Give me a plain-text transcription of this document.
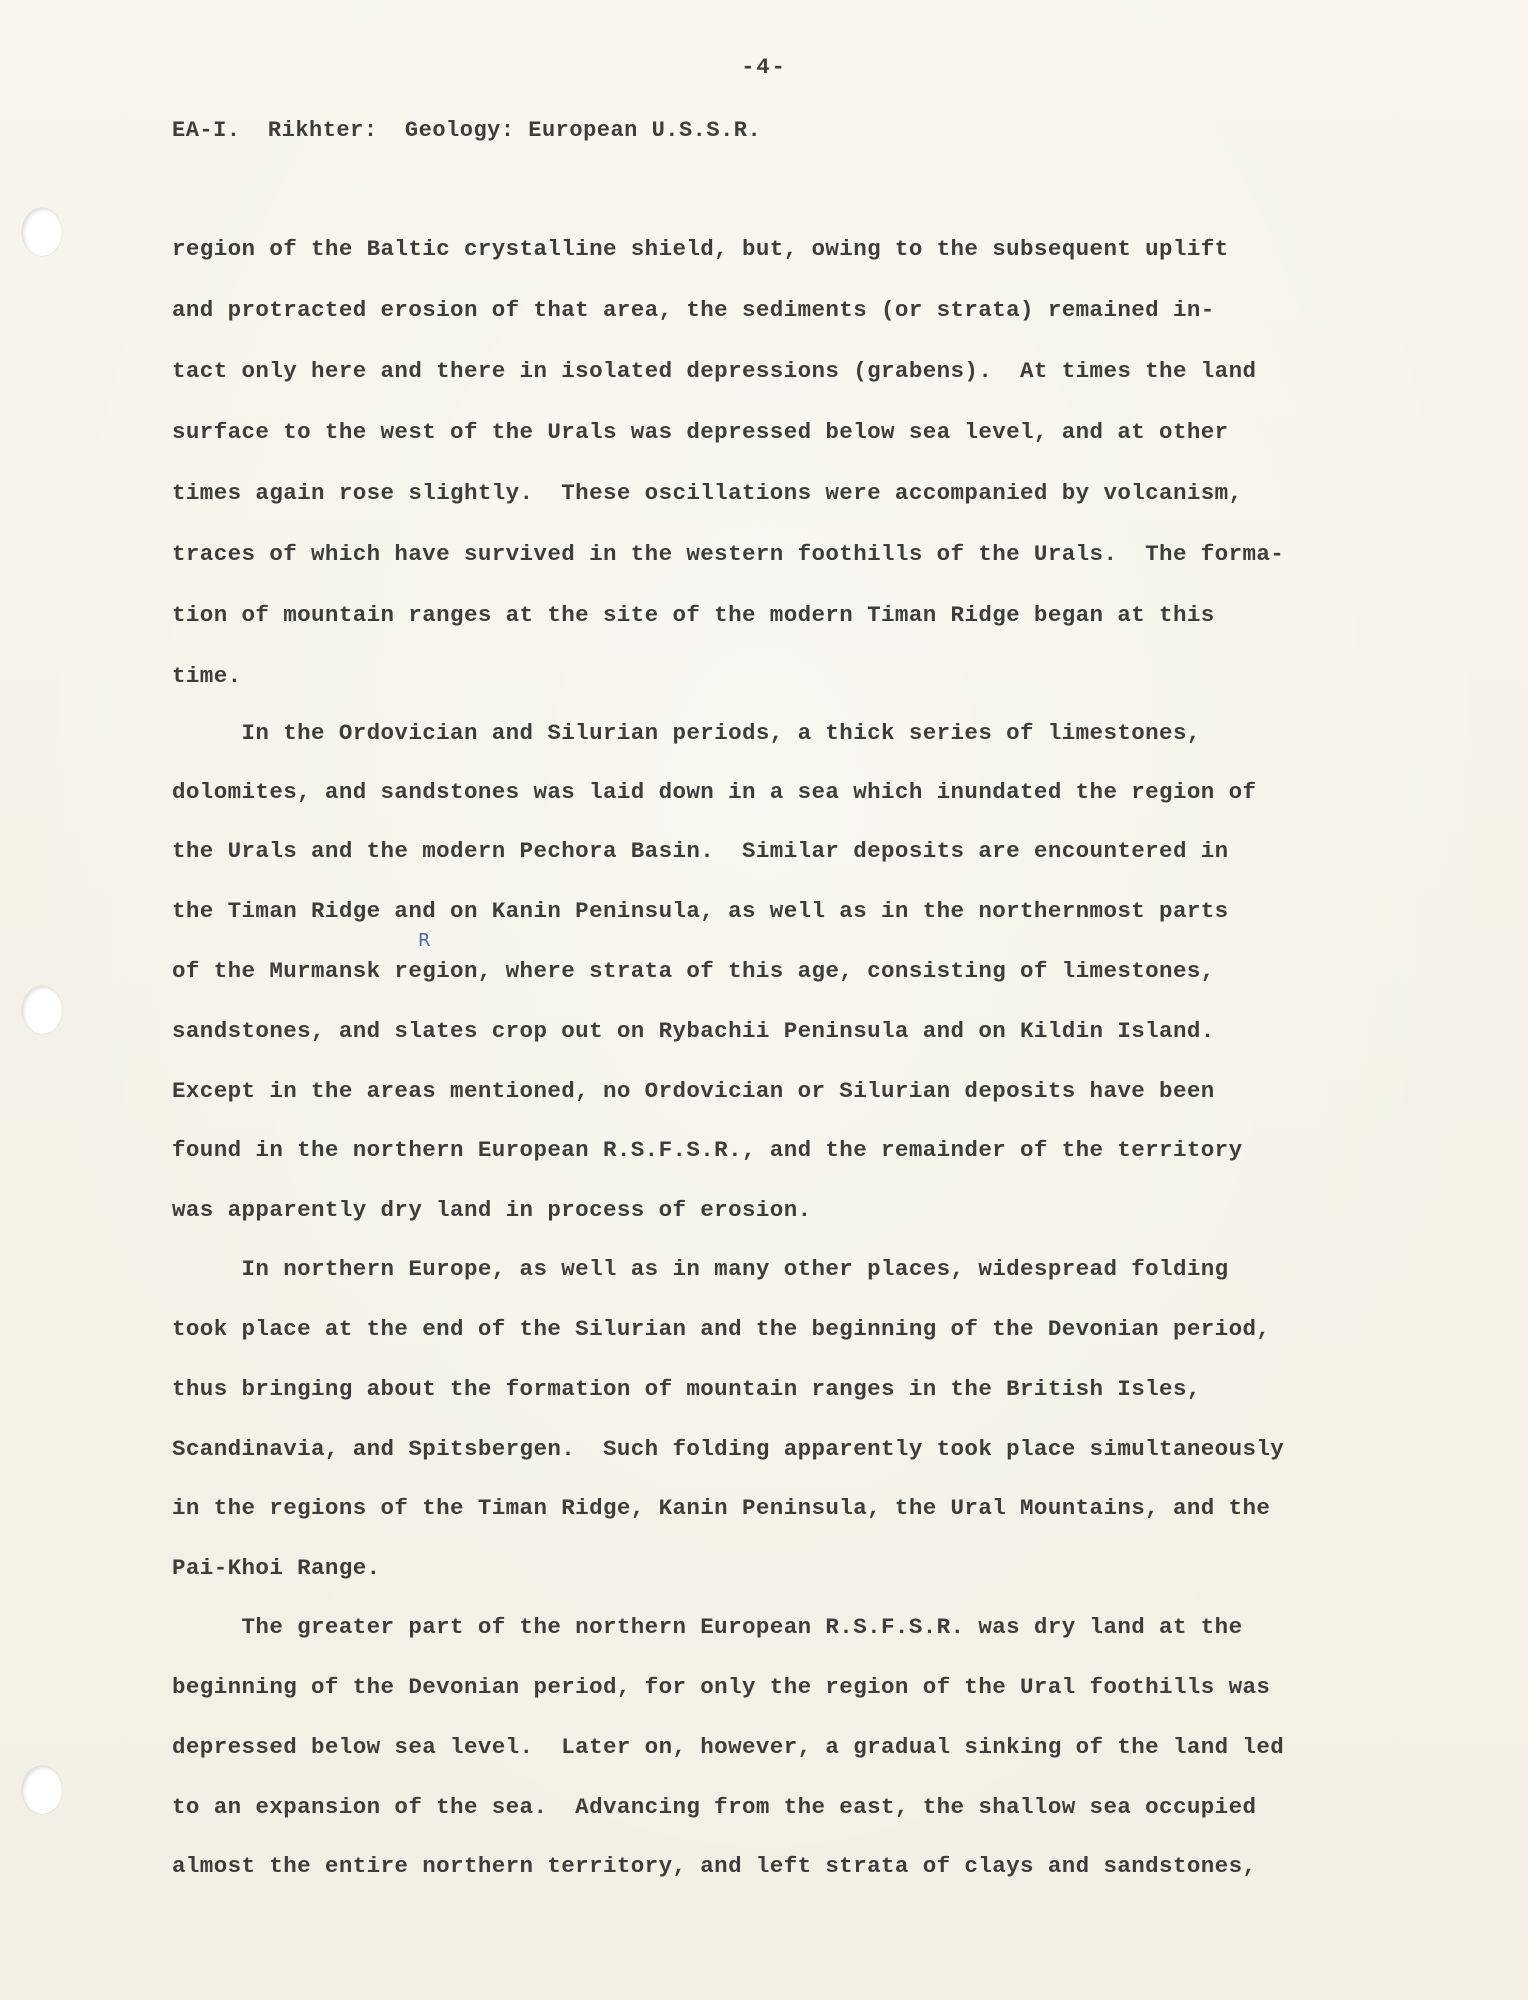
-4-
EA-I.  Rikhter:  Geology: European U.S.S.R.
R
region of the Baltic crystalline shield, but, owing to the subsequent uplift
and protracted erosion of that area, the sediments (or strata) remained in-
tact only here and there in isolated depressions (grabens).  At times the land
surface to the west of the Urals was depressed below sea level, and at other
times again rose slightly.  These oscillations were accompanied by volcanism,
traces of which have survived in the western foothills of the Urals.  The forma-
tion of mountain ranges at the site of the modern Timan Ridge began at this
time.
In the Ordovician and Silurian periods, a thick series of limestones,
dolomites, and sandstones was laid down in a sea which inundated the region of
the Urals and the modern Pechora Basin.  Similar deposits are encountered in
the Timan Ridge and on Kanin Peninsula, as well as in the northernmost parts
of the Murmansk region, where strata of this age, consisting of limestones,
sandstones, and slates crop out on Rybachii Peninsula and on Kildin Island.
Except in the areas mentioned, no Ordovician or Silurian deposits have been
found in the northern European R.S.F.S.R., and the remainder of the territory
was apparently dry land in process of erosion.
In northern Europe, as well as in many other places, widespread folding
took place at the end of the Silurian and the beginning of the Devonian period,
thus bringing about the formation of mountain ranges in the British Isles,
Scandinavia, and Spitsbergen.  Such folding apparently took place simultaneously
in the regions of the Timan Ridge, Kanin Peninsula, the Ural Mountains, and the
Pai-Khoi Range.
The greater part of the northern European R.S.F.S.R. was dry land at the
beginning of the Devonian period, for only the region of the Ural foothills was
depressed below sea level.  Later on, however, a gradual sinking of the land led
to an expansion of the sea.  Advancing from the east, the shallow sea occupied
almost the entire northern territory, and left strata of clays and sandstones,
